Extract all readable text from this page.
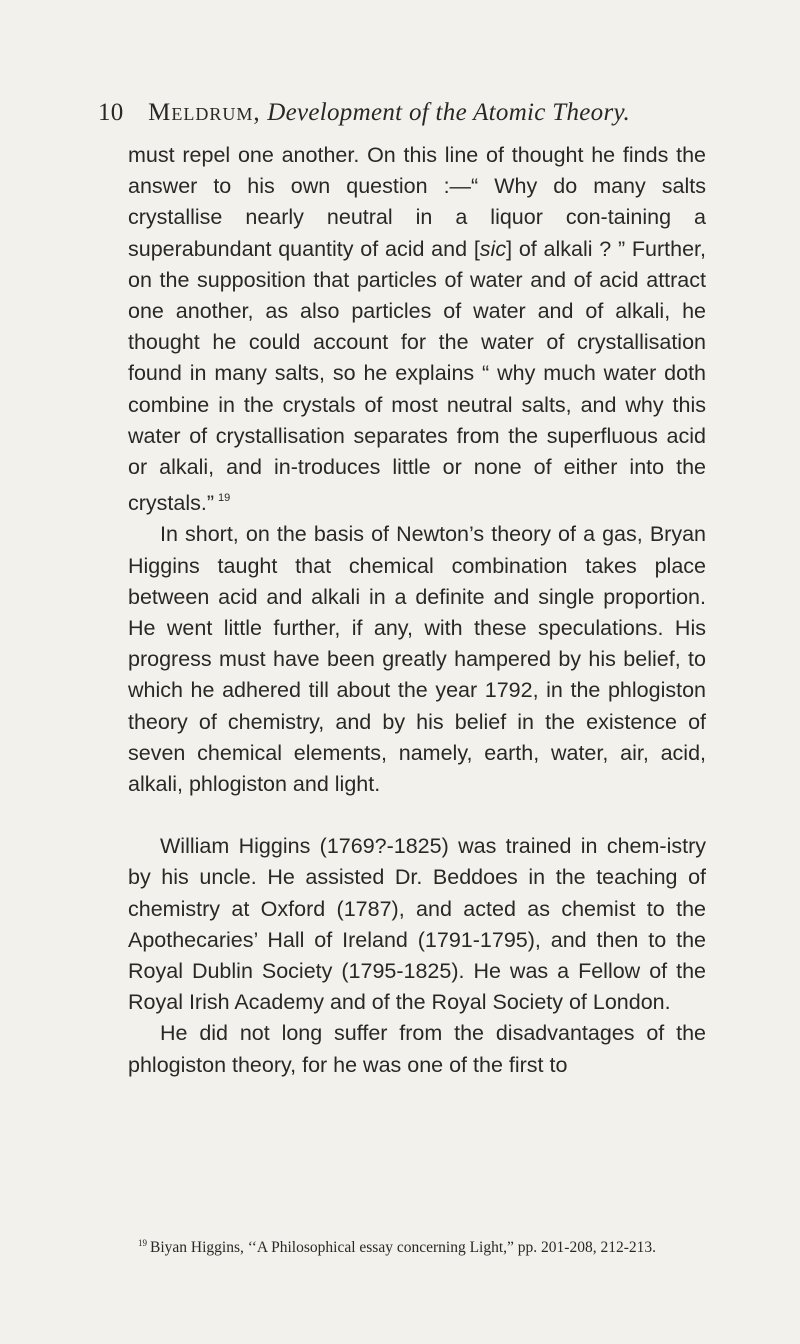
10 Meldrum, Development of the Atomic Theory.

must repel one another. On this line of thought he finds the answer to his own question :—“ Why do many salts crystallise nearly neutral in a liquor con-taining a superabundant quantity of acid and [sic] of alkali ? ” Further, on the supposition that particles of water and of acid attract one another, as also particles of water and of alkali, he thought he could account for the water of crystallisation found in many salts, so he explains “ why much water doth combine in the crystals of most neutral salts, and why this water of crystallisation separates from the superfluous acid or alkali, and in-troduces little or none of either into the crystals.” $^{19}$

In short, on the basis of Newton’s theory of a gas, Bryan Higgins taught that chemical combination takes place between acid and alkali in a definite and single proportion. He went little further, if any, with these speculations. His progress must have been greatly hampered by his belief, to which he adhered till about the year 1792, in the phlogiston theory of chemistry, and by his belief in the existence of seven chemical elements, namely, earth, water, air, acid, alkali, phlogiston and light.

William Higgins (1769?-1825) was trained in chem-istry by his uncle. He assisted Dr. Beddoes in the teaching of chemistry at Oxford (1787), and acted as chemist to the Apothecaries’ Hall of Ireland (1791-1795), and then to the Royal Dublin Society (1795-1825). He was a Fellow of the Royal Irish Academy and of the Royal Society of London.

He did not long suffer from the disadvantages of the phlogiston theory, for he was one of the first to

$^{19}$ Biyan Higgins, ‘‘A Philosophical essay concerning Light,” pp. 201-208, 212-213.
